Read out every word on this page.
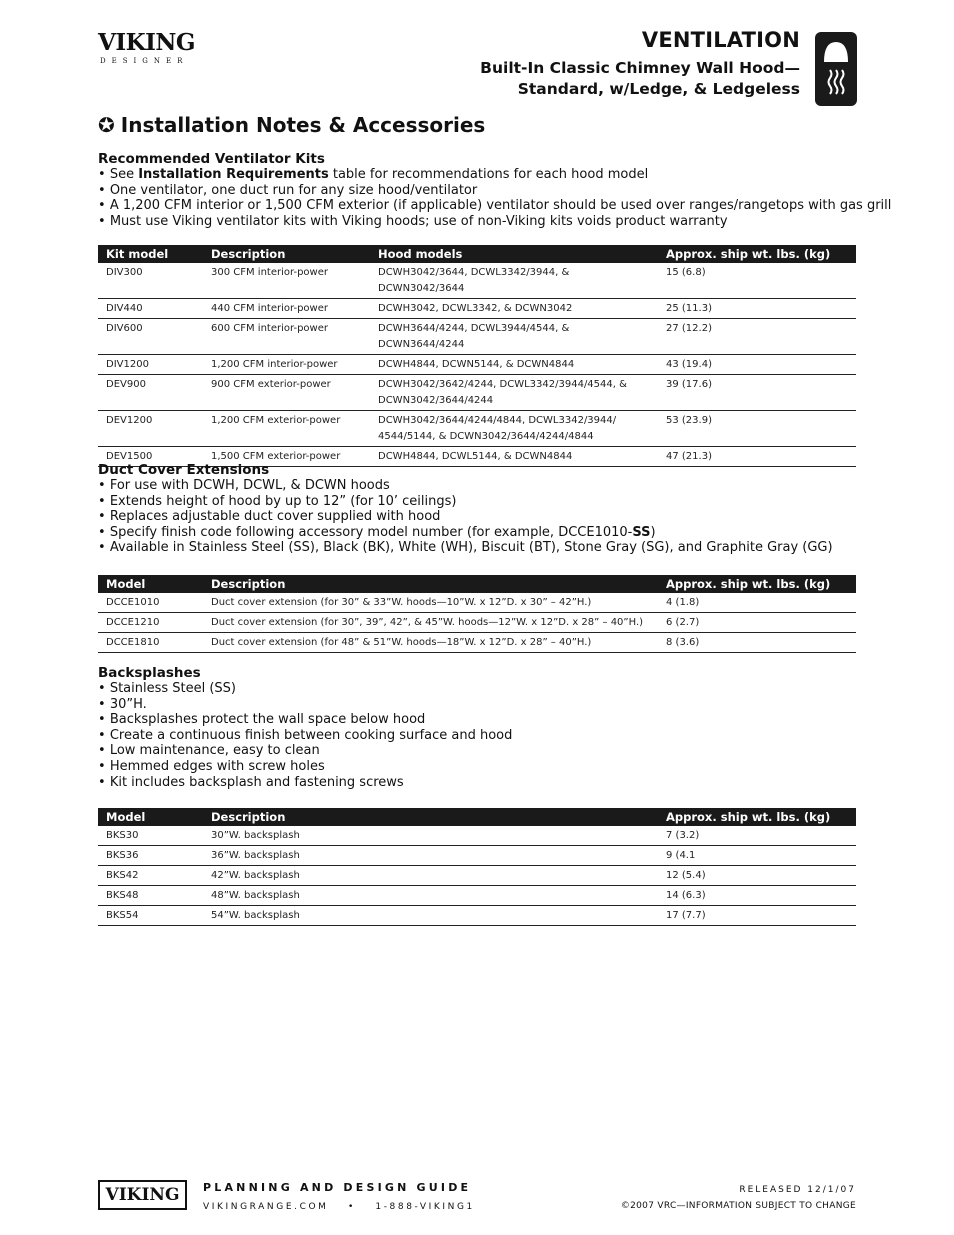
VIKING
DESIGNER
VENTILATION
Built-In Classic Chimney Wall Hood—
Standard, w/Ledge, & Ledgeless
✪ Installation Notes & Accessories
Recommended Ventilator Kits
• See Installation Requirements table for recommendations for each hood model
• One ventilator, one duct run for any size hood/ventilator
• A 1,200 CFM interior or 1,500 CFM exterior (if applicable) ventilator should be used over ranges/rangetops with gas grill
• Must use Viking ventilator kits with Viking hoods; use of non-Viking kits voids product warranty
Kit model	Description	Hood models	Approx. ship wt. lbs. (kg)
DIV300	300 CFM interior-power	DCWH3042/3644, DCWL3342/3944, &
DCWN3042/3644	15 (6.8)
DIV440	440 CFM interior-power	DCWH3042, DCWL3342, & DCWN3042	25 (11.3)
DIV600	600 CFM interior-power	DCWH3644/4244, DCWL3944/4544, &
DCWN3644/4244	27 (12.2)
DIV1200	1,200 CFM interior-power	DCWH4844, DCWN5144, & DCWN4844	43 (19.4)
DEV900	900 CFM exterior-power	DCWH3042/3642/4244, DCWL3342/3944/4544, &
DCWN3042/3644/4244	39 (17.6)
DEV1200	1,200 CFM exterior-power	DCWH3042/3644/4244/4844, DCWL3342/3944/
4544/5144, & DCWN3042/3644/4244/4844	53 (23.9)
DEV1500	1,500 CFM exterior-power	DCWH4844, DCWL5144, & DCWN4844	47 (21.3)
Duct Cover Extensions
• For use with DCWH, DCWL, & DCWN hoods
• Extends height of hood by up to 12” (for 10’ ceilings)
• Replaces adjustable duct cover supplied with hood
• Specify finish code following accessory model number (for example, DCCE1010-SS)
• Available in Stainless Steel (SS), Black (BK), White (WH), Biscuit (BT), Stone Gray (SG), and Graphite Gray (GG)
Model	Description	Approx. ship wt. lbs. (kg)
DCCE1010	Duct cover extension (for 30” & 33”W. hoods—10”W. x 12”D. x 30” – 42”H.)	4 (1.8)
DCCE1210	Duct cover extension (for 30”, 39”, 42”, & 45”W. hoods—12”W. x 12”D. x 28” – 40”H.)	6 (2.7)
DCCE1810	Duct cover extension (for 48” & 51”W. hoods—18”W. x 12”D. x 28” – 40”H.)	8 (3.6)
Backsplashes
• Stainless Steel (SS)
• 30”H.
• Backsplashes protect the wall space below hood
• Create a continuous finish between cooking surface and hood
• Low maintenance, easy to clean
• Hemmed edges with screw holes
• Kit includes backsplash and fastening screws
Model	Description	Approx. ship wt. lbs. (kg)
BKS30	30”W. backsplash	7 (3.2)
BKS36	36”W. backsplash	9 (4.1
BKS42	42”W. backsplash	12 (5.4)
BKS48	48”W. backsplash	14 (6.3)
BKS54	54”W. backsplash	17 (7.7)
VIKING	PLANNING AND DESIGN GUIDE
VIKINGRANGE.COM • 1-888-VIKING1
RELEASED 12/1/07
©2007 VRC—INFORMATION SUBJECT TO CHANGE
